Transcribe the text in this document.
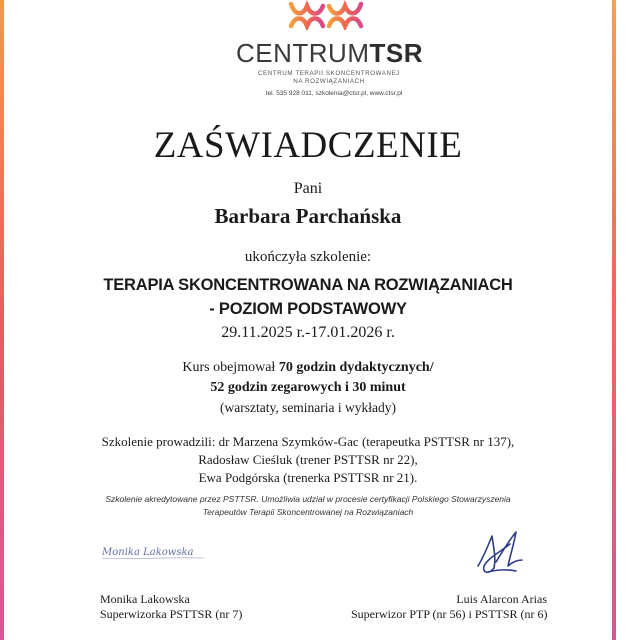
CENTRUMTSR
CENTRUM TERAPII SKONCENTROWANEJ
NA ROZWIĄZANIACH
tel. 535 928 011, szkolenia@ctsr.pl, www.ctsr.pl
ZAŚWIADCZENIE
Pani
Barbara Parchańska
ukończyła szkolenie:
TERAPIA SKONCENTROWANA NA ROZWIĄZANIACH
- POZIOM PODSTAWOWY
29.11.2025 r.-17.01.2026 r.
Kurs obejmował 70 godzin dydaktycznych/
52 godzin zegarowych i 30 minut
(warsztaty, seminaria i wykłady)
Szkolenie prowadzili: dr Marzena Szymków-Gac (terapeutka PSTTSR nr 137),
Radosław Cieśluk (trener PSTTSR nr 22),
Ewa Podgórska (trenerka PSTTSR nr 21).
Szkolenie akredytowane przez PSTTSR. Umożliwia udział w procesie certyfikacji Polskiego Stowarzyszenia
Terapeutów Terapii Skoncentrowanej na Rozwiązaniach
Monika Lakowska
Monika Lakowska
Superwizorka PSTTSR (nr 7)
Luis Alarcon Arias
Superwizor PTP (nr 56) i PSTTSR (nr 6)
